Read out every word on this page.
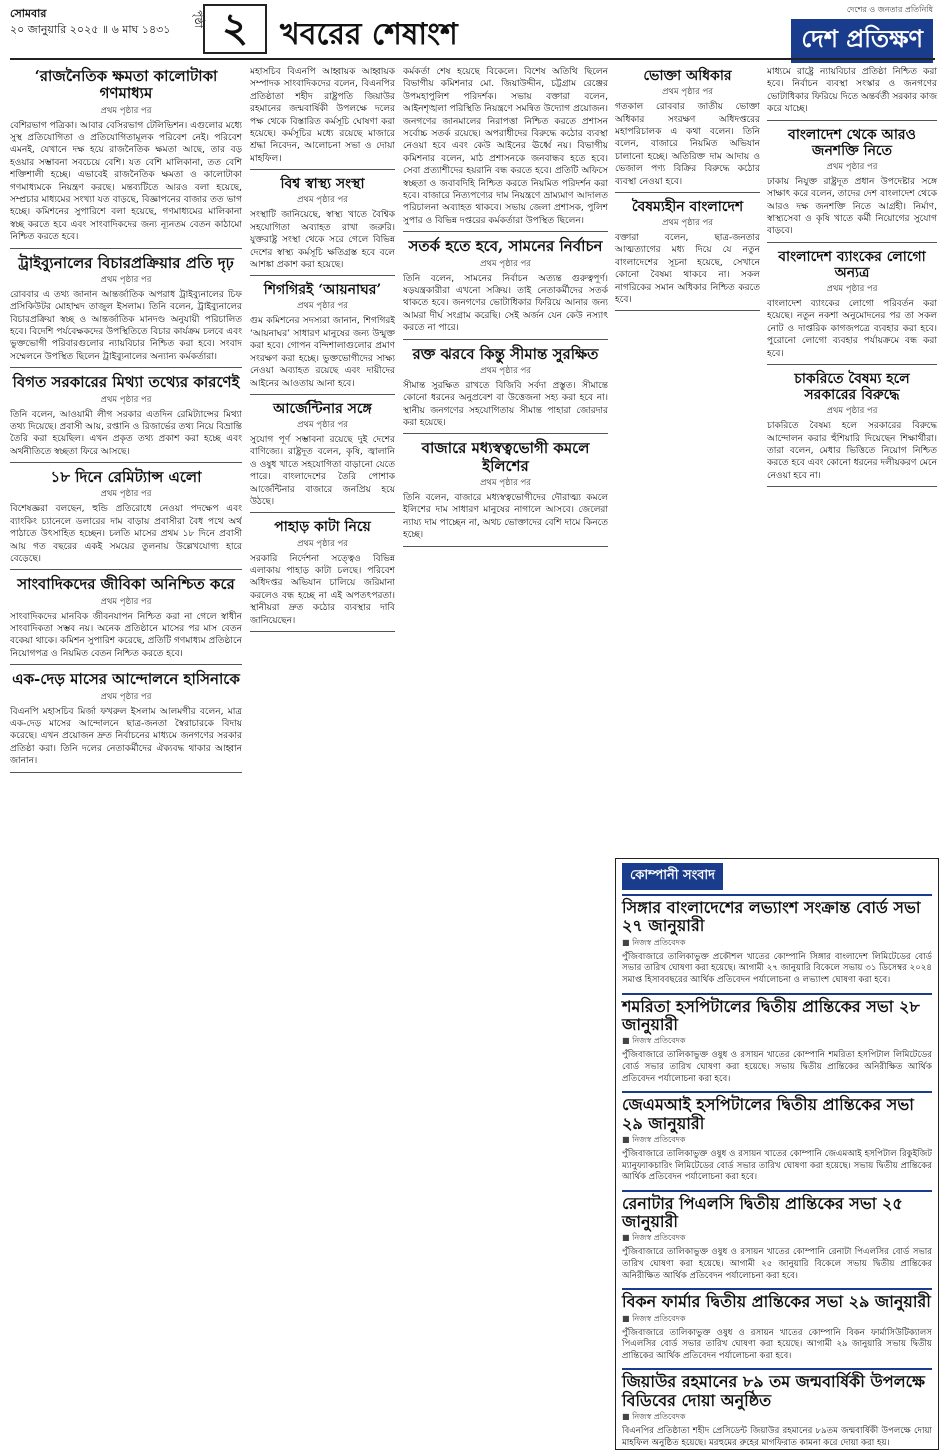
সোমবার
২০ জানুয়ারি ২০২৫ ॥ ৬ মাঘ ১৪৩১
পৃষ্ঠা ২	খবরের শেষাংশ
দেশের ও জনতার প্রতিনিধি
দেশ প্রতিক্ষণ
‘রাজনৈতিক ক্ষমতা কালোটাকা গণমাধ্যম
প্রথম পৃষ্ঠার পর

বেশিরভাগ পত্রিকা। আবার বেসিরভাগ টেলিভিশন। এগুলোর মধ্যে সুস্থ প্রতিযোগিতা ও প্রতিযোগিতামূলক পরিবেশ নেই। পরিবেশ এমনই, যেখানে দক্ষ হয়ে রাজনৈতিক ক্ষমতা আছে, তার বড় হওয়ার সম্ভাবনা সবচেয়ে বেশি। যত বেশি মালিকানা, তত বেশি শক্তিশালী হচ্ছে। এভাবেই রাজনৈতিক ক্ষমতা ও কালোটাকা গণমাধ্যমকে নিয়ন্ত্রণ করছে। মন্তব্যটিতে আরও বলা হয়েছে, সম্প্রচার মাধ্যমের সংখ্যা যত বাড়ছে, বিজ্ঞাপনের বাজার তত ভাগ হচ্ছে। কমিশনের সুপারিশে বলা হয়েছে, গণমাধ্যমের মালিকানা স্বচ্ছ করতে হবে এবং সাংবাদিকদের জন্য ন্যূনতম বেতন কাঠামো নিশ্চিত করতে হবে।

ট্রাইব্যুনালের বিচারপ্রক্রিয়ার প্রতি দৃঢ়
প্রথম পৃষ্ঠার পর

রোববার এ তথ্য জানান আন্তর্জাতিক অপরাধ ট্রাইব্যুনালের চিফ প্রসিকিউটর মোহাম্মদ তাজুল ইসলাম। তিনি বলেন, ট্রাইব্যুনালের বিচারপ্রক্রিয়া স্বচ্ছ ও আন্তর্জাতিক মানদণ্ড অনুযায়ী পরিচালিত হবে। বিদেশি পর্যবেক্ষকদের উপস্থিতিতে বিচার কার্যক্রম চলবে এবং ভুক্তভোগী পরিবারগুলোর ন্যায়বিচার নিশ্চিত করা হবে। সংবাদ সম্মেলনে উপস্থিত ছিলেন ট্রাইব্যুনালের অন্যান্য কর্মকর্তারা।

বিগত সরকারের মিথ্যা তথ্যের কারণেই
প্রথম পৃষ্ঠার পর

তিনি বলেন, আওয়ামী লীগ সরকার এতদিন রেমিট্যান্সের মিথ্যা তথ্য দিয়েছে। প্রবাসী আয়, রপ্তানি ও রিজার্ভের তথ্য নিয়ে বিভ্রান্তি তৈরি করা হয়েছিল। এখন প্রকৃত তথ্য প্রকাশ করা হচ্ছে এবং অর্থনীতিতে স্বচ্ছতা ফিরে আসছে।

১৮ দিনে রেমিট্যান্স এলো
প্রথম পৃষ্ঠার পর

বিশেষজ্ঞরা বলছেন, হুন্ডি প্রতিরোধে নেওয়া পদক্ষেপ এবং ব্যাংকিং চ্যানেলে ডলারের দাম বাড়ায় প্রবাসীরা বৈধ পথে অর্থ পাঠাতে উৎসাহিত হচ্ছেন। চলতি মাসের প্রথম ১৮ দিনে প্রবাসী আয় গত বছরের একই সময়ের তুলনায় উল্লেখযোগ্য হারে বেড়েছে।

সাংবাদিকদের জীবিকা অনিশ্চিত করে
প্রথম পৃষ্ঠার পর

সাংবাদিকদের মানবিক জীবনযাপন নিশ্চিত করা না গেলে স্বাধীন সাংবাদিকতা সম্ভব নয়। অনেক প্রতিষ্ঠানে মাসের পর মাস বেতন বকেয়া থাকে। কমিশন সুপারিশ করেছে, প্রতিটি গণমাধ্যম প্রতিষ্ঠানে নিয়োগপত্র ও নিয়মিত বেতন নিশ্চিত করতে হবে।

এক-দেড় মাসের আন্দোলনে হাসিনাকে
প্রথম পৃষ্ঠার পর

বিএনপি মহাসচিব মির্জা ফখরুল ইসলাম আলমগীর বলেন, মাত্র এক-দেড় মাসের আন্দোলনে ছাত্র-জনতা স্বৈরাচারকে বিদায় করেছে। এখন প্রয়োজন দ্রুত নির্বাচনের মাধ্যমে জনগণের সরকার প্রতিষ্ঠা করা। তিনি দলের নেতাকর্মীদের ঐক্যবদ্ধ থাকার আহ্বান জানান।

মহাসচিব বিএনপি আহ্বায়ক আহ্বায়ক সম্পাদক সাংবাদিকদের বলেন, বিএনপির প্রতিষ্ঠাতা শহীদ রাষ্ট্রপতি জিয়াউর রহমানের জন্মবার্ষিকী উপলক্ষে দলের পক্ষ থেকে বিস্তারিত কর্মসূচি ঘোষণা করা হয়েছে। কর্মসূচির মধ্যে রয়েছে মাজারে শ্রদ্ধা নিবেদন, আলোচনা সভা ও দোয়া মাহফিল।

বিশ্ব স্বাস্থ্য সংস্থা
প্রথম পৃষ্ঠার পর

সংস্থাটি জানিয়েছে, স্বাস্থ্য খাতে বৈশ্বিক সহযোগিতা অব্যাহত রাখা জরুরি। যুক্তরাষ্ট্র সংস্থা থেকে সরে গেলে বিভিন্ন দেশের স্বাস্থ্য কর্মসূচি ক্ষতিগ্রস্ত হবে বলে আশঙ্কা প্রকাশ করা হয়েছে।

শিগগিরই ‘আয়নাঘর’
প্রথম পৃষ্ঠার পর

গুম কমিশনের সদস্যরা জানান, শিগগিরই ‘আয়নাঘর’ সাধারণ মানুষের জন্য উন্মুক্ত করা হবে। গোপন বন্দিশালাগুলোর প্রমাণ সংরক্ষণ করা হচ্ছে। ভুক্তভোগীদের সাক্ষ্য নেওয়া অব্যাহত রয়েছে এবং দায়ীদের আইনের আওতায় আনা হবে।

আর্জেন্টিনার সঙ্গে
প্রথম পৃষ্ঠার পর

সুযোগ পূর্ণ সম্ভাবনা রয়েছে দুই দেশের বাণিজ্যে। রাষ্ট্রদূত বলেন, কৃষি, জ্বালানি ও ওষুধ খাতে সহযোগিতা বাড়ানো যেতে পারে। বাংলাদেশের তৈরি পোশাক আর্জেন্টিনার বাজারে জনপ্রিয় হয়ে উঠছে।

পাহাড় কাটা নিয়ে
প্রথম পৃষ্ঠার পর

সরকারি নির্দেশনা সত্ত্বেও বিভিন্ন এলাকায় পাহাড় কাটা চলছে। পরিবেশ অধিদপ্তর অভিযান চালিয়ে জরিমানা করলেও বন্ধ হচ্ছে না এই অপতৎপরতা। স্থানীয়রা দ্রুত কঠোর ব্যবস্থার দাবি জানিয়েছেন।

কর্মকর্তা শেষ হয়েছে বিকেলে। বিশেষ অতিথি ছিলেন বিভাগীয় কমিশনার মো. জিয়াউদ্দীন, চট্টগ্রাম রেঞ্জের উপমহাপুলিশ পরিদর্শক। সভায় বক্তারা বলেন, আইনশৃঙ্খলা পরিস্থিতি নিয়ন্ত্রণে সমন্বিত উদ্যোগ প্রয়োজন। জনগণের জানমালের নিরাপত্তা নিশ্চিত করতে প্রশাসন সর্বোচ্চ সতর্ক রয়েছে। অপরাধীদের বিরুদ্ধে কঠোর ব্যবস্থা নেওয়া হবে এবং কেউ আইনের ঊর্ধ্বে নয়। বিভাগীয় কমিশনার বলেন, মাঠ প্রশাসনকে জনবান্ধব হতে হবে। সেবা প্রত্যাশীদের হয়রানি বন্ধ করতে হবে। প্রতিটি অফিসে স্বচ্ছতা ও জবাবদিহি নিশ্চিত করতে নিয়মিত পরিদর্শন করা হবে। বাজারে নিত্যপণ্যের দাম নিয়ন্ত্রণে ভ্রাম্যমাণ আদালত পরিচালনা অব্যাহত থাকবে। সভায় জেলা প্রশাসক, পুলিশ সুপার ও বিভিন্ন দপ্তরের কর্মকর্তারা উপস্থিত ছিলেন।

সতর্ক হতে হবে, সামনের নির্বাচন
প্রথম পৃষ্ঠার পর

তিনি বলেন, সামনের নির্বাচন অত্যন্ত গুরুত্বপূর্ণ। ষড়যন্ত্রকারীরা এখনো সক্রিয়। তাই নেতাকর্মীদের সতর্ক থাকতে হবে। জনগণের ভোটাধিকার ফিরিয়ে আনার জন্য আমরা দীর্ঘ সংগ্রাম করেছি। সেই অর্জন যেন কেউ নস্যাৎ করতে না পারে।

রক্ত ঝরবে কিন্তু সীমান্ত সুরক্ষিত
প্রথম পৃষ্ঠার পর

সীমান্ত সুরক্ষিত রাখতে বিজিবি সর্বদা প্রস্তুত। সীমান্তে কোনো ধরনের অনুপ্রবেশ বা উত্তেজনা সহ্য করা হবে না। স্থানীয় জনগণের সহযোগিতায় সীমান্ত পাহারা জোরদার করা হয়েছে।

বাজারে মধ্যস্বত্বভোগী কমলে ইলিশের
প্রথম পৃষ্ঠার পর

তিনি বলেন, বাজারে মধ্যস্বত্বভোগীদের দৌরাত্ম্য কমলে ইলিশের দাম সাধারণ মানুষের নাগালে আসবে। জেলেরা ন্যায্য দাম পাচ্ছেন না, অথচ ভোক্তাদের বেশি দামে কিনতে হচ্ছে।

ভোক্তা অধিকার
প্রথম পৃষ্ঠার পর

গতকাল রোববার জাতীয় ভোক্তা অধিকার সংরক্ষণ অধিদপ্তরের মহাপরিচালক এ কথা বলেন। তিনি বলেন, বাজারে নিয়মিত অভিযান চালানো হচ্ছে। অতিরিক্ত দাম আদায় ও ভেজাল পণ্য বিক্রির বিরুদ্ধে কঠোর ব্যবস্থা নেওয়া হবে।

বৈষম্যহীন বাংলাদেশ
প্রথম পৃষ্ঠার পর

বক্তারা বলেন, ছাত্র-জনতার আত্মত্যাগের মধ্য দিয়ে যে নতুন বাংলাদেশের সূচনা হয়েছে, সেখানে কোনো বৈষম্য থাকবে না। সকল নাগরিকের সমান অধিকার নিশ্চিত করতে হবে।

মাধ্যমে রাষ্ট্রে ন্যায়বিচার প্রতিষ্ঠা নিশ্চিত করা হবে। নির্বাচন ব্যবস্থা সংস্কার ও জনগণের ভোটাধিকার ফিরিয়ে দিতে অন্তর্বর্তী সরকার কাজ করে যাচ্ছে।

বাংলাদেশ থেকে আরও জনশক্তি নিতে
প্রথম পৃষ্ঠার পর

ঢাকায় নিযুক্ত রাষ্ট্রদূত প্রধান উপদেষ্টার সঙ্গে সাক্ষাৎ করে বলেন, তাদের দেশ বাংলাদেশ থেকে আরও দক্ষ জনশক্তি নিতে আগ্রহী। নির্মাণ, স্বাস্থ্যসেবা ও কৃষি খাতে কর্মী নিয়োগের সুযোগ বাড়বে।

বাংলাদেশ ব্যাংকের লোগো অন্যত্র
প্রথম পৃষ্ঠার পর

বাংলাদেশ ব্যাংকের লোগো পরিবর্তন করা হয়েছে। নতুন নকশা অনুমোদনের পর তা সকল নোট ও দাপ্তরিক কাগজপত্রে ব্যবহার করা হবে। পুরোনো লোগো ব্যবহার পর্যায়ক্রমে বন্ধ করা হবে।

চাকরিতে বৈষম্য হলে সরকারের বিরুদ্ধে
প্রথম পৃষ্ঠার পর

চাকরিতে বৈষম্য হলে সরকারের বিরুদ্ধে আন্দোলন করার হুঁশিয়ারি দিয়েছেন শিক্ষার্থীরা। তারা বলেন, মেধার ভিত্তিতে নিয়োগ নিশ্চিত করতে হবে এবং কোনো ধরনের দলীয়করণ মেনে নেওয়া হবে না।

কোম্পানী সংবাদ
সিঙ্গার বাংলাদেশের লভ্যাংশ সংক্রান্ত বোর্ড সভা ২৭ জানুয়ারী
■ নিজস্ব প্রতিবেদক

পুঁজিবাজারে তালিকাভুক্ত প্রকৌশল খাতের কোম্পানি সিঙ্গার বাংলাদেশ লিমিটেডের বোর্ড সভার তারিখ ঘোষণা করা হয়েছে। আগামী ২৭ জানুয়ারি বিকেলে সভায় ৩১ ডিসেম্বর ২০২৪ সমাপ্ত হিসাববছরের আর্থিক প্রতিবেদন পর্যালোচনা ও লভ্যাংশ ঘোষণা করা হবে।

শমরিতা হসপিটালের দ্বিতীয় প্রান্তিকের সভা ২৮ জানুয়ারী
■ নিজস্ব প্রতিবেদক

পুঁজিবাজারে তালিকাভুক্ত ওষুধ ও রসায়ন খাতের কোম্পানি শমরিতা হসপিটাল লিমিটেডের বোর্ড সভার তারিখ ঘোষণা করা হয়েছে। সভায় দ্বিতীয় প্রান্তিকের অনিরীক্ষিত আর্থিক প্রতিবেদন পর্যালোচনা করা হবে।

জেএমআই হসপিটালের দ্বিতীয় প্রান্তিকের সভা ২৯ জানুয়ারী
■ নিজস্ব প্রতিবেদক

পুঁজিবাজারে তালিকাভুক্ত ওষুধ ও রসায়ন খাতের কোম্পানি জেএমআই হসপিটাল রিকুইজিট ম্যানুফ্যাকচারিং লিমিটেডের বোর্ড সভার তারিখ ঘোষণা করা হয়েছে। সভায় দ্বিতীয় প্রান্তিকের আর্থিক প্রতিবেদন পর্যালোচনা করা হবে।

রেনাটার পিএলসি দ্বিতীয় প্রান্তিকের সভা ২৫ জানুয়ারী
■ নিজস্ব প্রতিবেদক

পুঁজিবাজারে তালিকাভুক্ত ওষুধ ও রসায়ন খাতের কোম্পানি রেনাটা পিএলসির বোর্ড সভার তারিখ ঘোষণা করা হয়েছে। আগামী ২৫ জানুয়ারি বিকেলে সভায় দ্বিতীয় প্রান্তিকের অনিরীক্ষিত আর্থিক প্রতিবেদন পর্যালোচনা করা হবে।

বিকন ফার্মার দ্বিতীয় প্রান্তিকের সভা ২৯ জানুয়ারী
■ নিজস্ব প্রতিবেদক

পুঁজিবাজারে তালিকাভুক্ত ওষুধ ও রসায়ন খাতের কোম্পানি বিকন ফার্মাসিউটিক্যালস পিএলসির বোর্ড সভার তারিখ ঘোষণা করা হয়েছে। আগামী ২৯ জানুয়ারি সভায় দ্বিতীয় প্রান্তিকের আর্থিক প্রতিবেদন পর্যালোচনা করা হবে।

জিয়াউর রহমানের ৮৯ তম জন্মবার্ষিকী উপলক্ষে বিডিবের দোয়া অনুষ্ঠিত
■ নিজস্ব প্রতিবেদক

বিএনপির প্রতিষ্ঠাতা শহীদ প্রেসিডেন্ট জিয়াউর রহমানের ৮৯তম জন্মবার্ষিকী উপলক্ষে দোয়া মাহফিল অনুষ্ঠিত হয়েছে। মরহুমের রুহের মাগফিরাত কামনা করে দোয়া করা হয়।
